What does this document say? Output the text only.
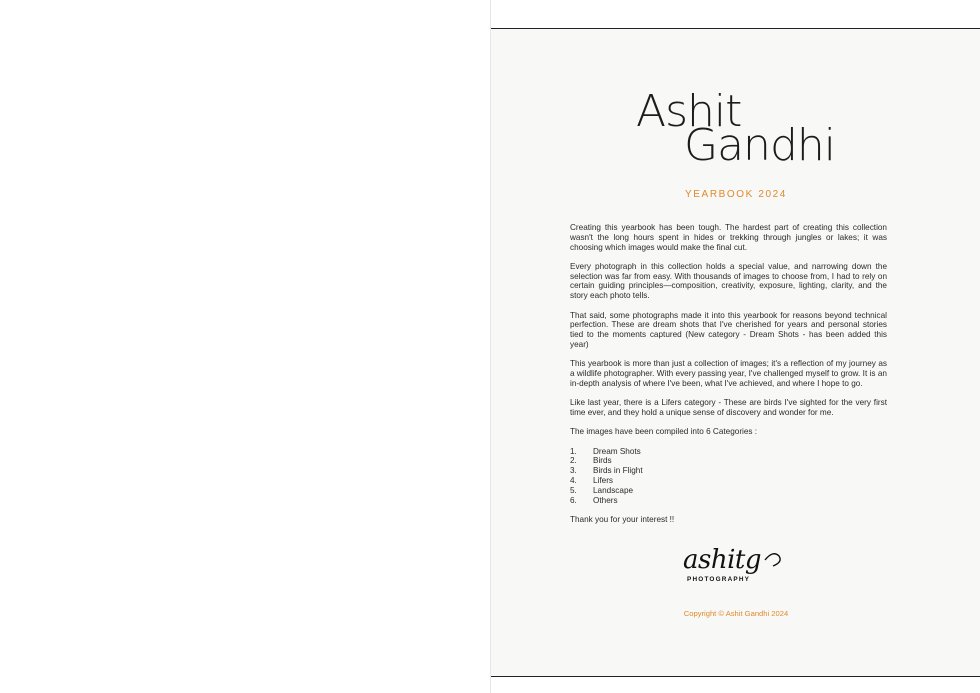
Ashit
Gandhi
YEARBOOK 2024

Creating this yearbook has been tough. The hardest part of creating this collection wasn't the long hours spent in hides or trekking through jungles or lakes; it was choosing which images would make the final cut.

Every photograph in this collection holds a special value, and narrowing down the selection was far from easy. With thousands of images to choose from, I had to rely on certain guiding principles—composition, creativity, exposure, lighting, clarity, and the story each photo tells.

That said, some photographs made it into this yearbook for reasons beyond technical perfection. These are dream shots that I've cherished for years and personal stories tied to the moments captured (New category - Dream Shots - has been added this year)

This yearbook is more than just a collection of images; it's a reflection of my journey as a wildlife photographer. With every passing year, I've challenged myself to grow. It is an in-depth analysis of where I've been, what I've achieved, and where I hope to go.

Like last year, there is a Lifers category - These are birds I've sighted for the very first time ever, and they hold a unique sense of discovery and wonder for me.

The images have been compiled into 6 Categories :

1.	Dream Shots
2.	Birds
3.	Birds in Flight
4.	Lifers
5.	Landscape
6.	Others

Thank you for your interest !!

ashitg
PHOTOGRAPHY
Copyright © Ashit Gandhi 2024
